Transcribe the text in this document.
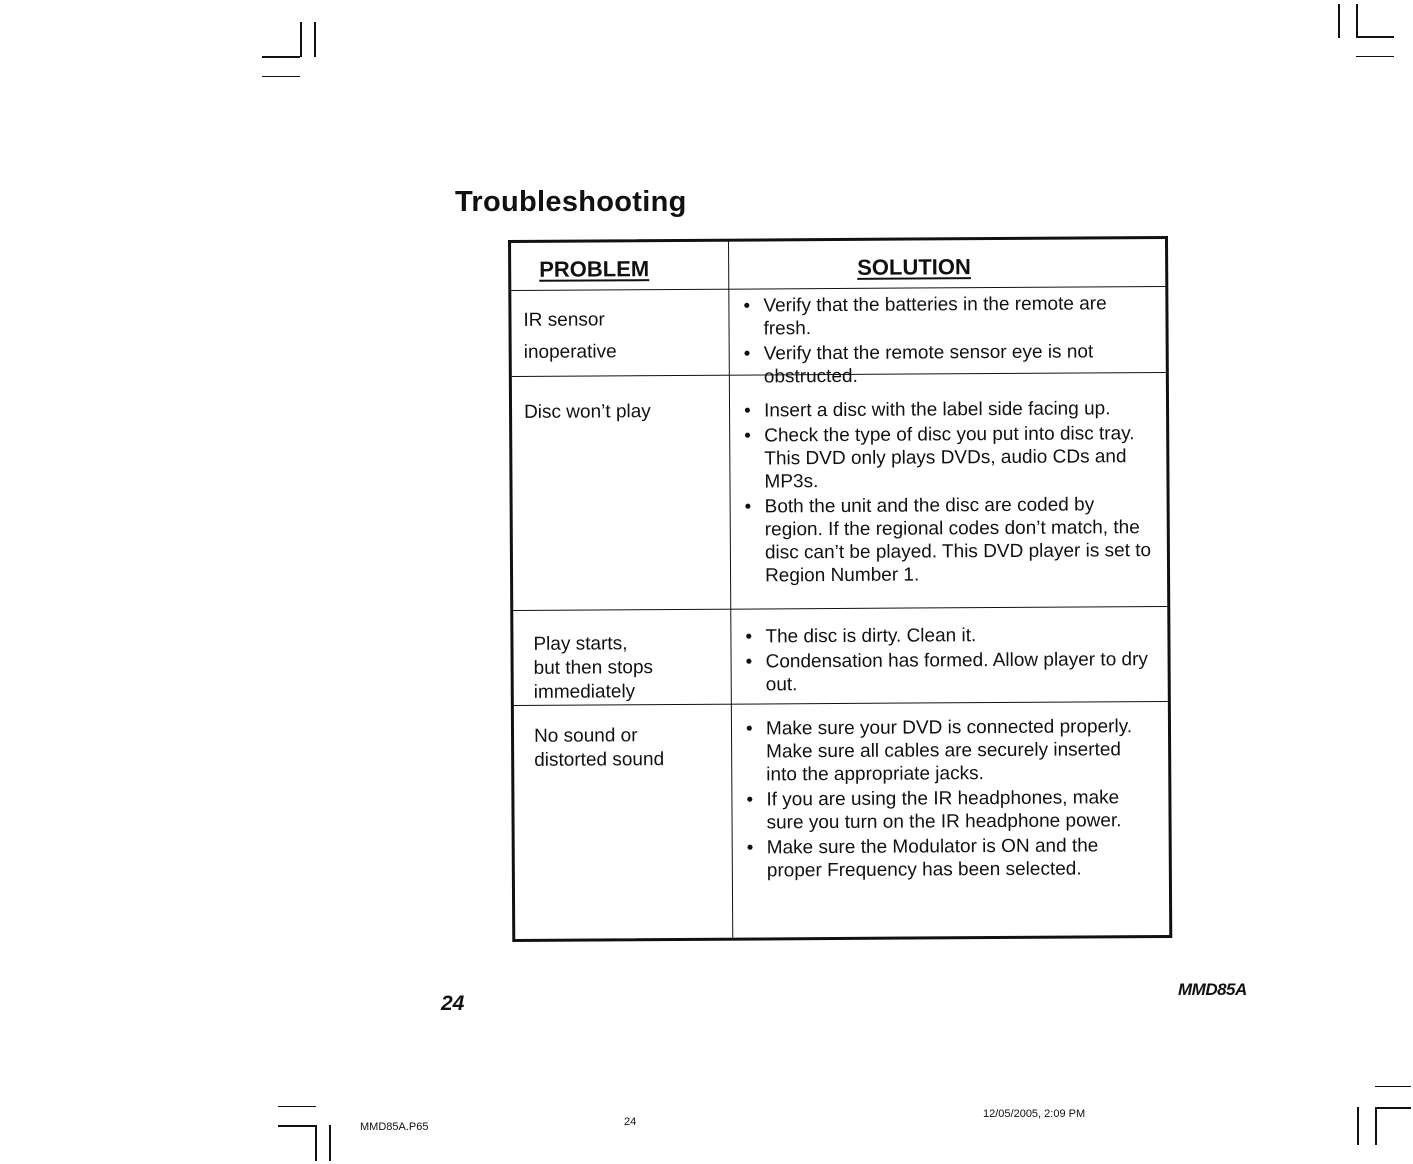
Troubleshooting
PROBLEM	SOLUTION
IR sensor
inoperative
• Verify that the batteries in the remote are fresh.
• Verify that the remote sensor eye is not obstructed.
Disc won’t play
•	Insert a disc with the label side facing up.
• Check the type of disc you put into disc tray. This DVD only plays DVDs, audio CDs and MP3s.
• Both the unit and the disc are coded by region. If the regional codes don’t match, the disc can’t be played. This DVD player is set to Region Number 1.
Play starts,
but then stops
immediately
• The disc is dirty. Clean it.
• Condensation has formed. Allow player to dry out.
No sound or
distorted sound
• Make sure your DVD is connected properly. Make sure all cables are securely inserted into the appropriate jacks.
• If you are using the IR headphones, make sure you turn on the IR headphone power.
• Make sure the Modulator is ON and the proper Frequency has been selected.
24
MMD85A
MMD85A.P65	24
12/05/2005, 2:09 PM
